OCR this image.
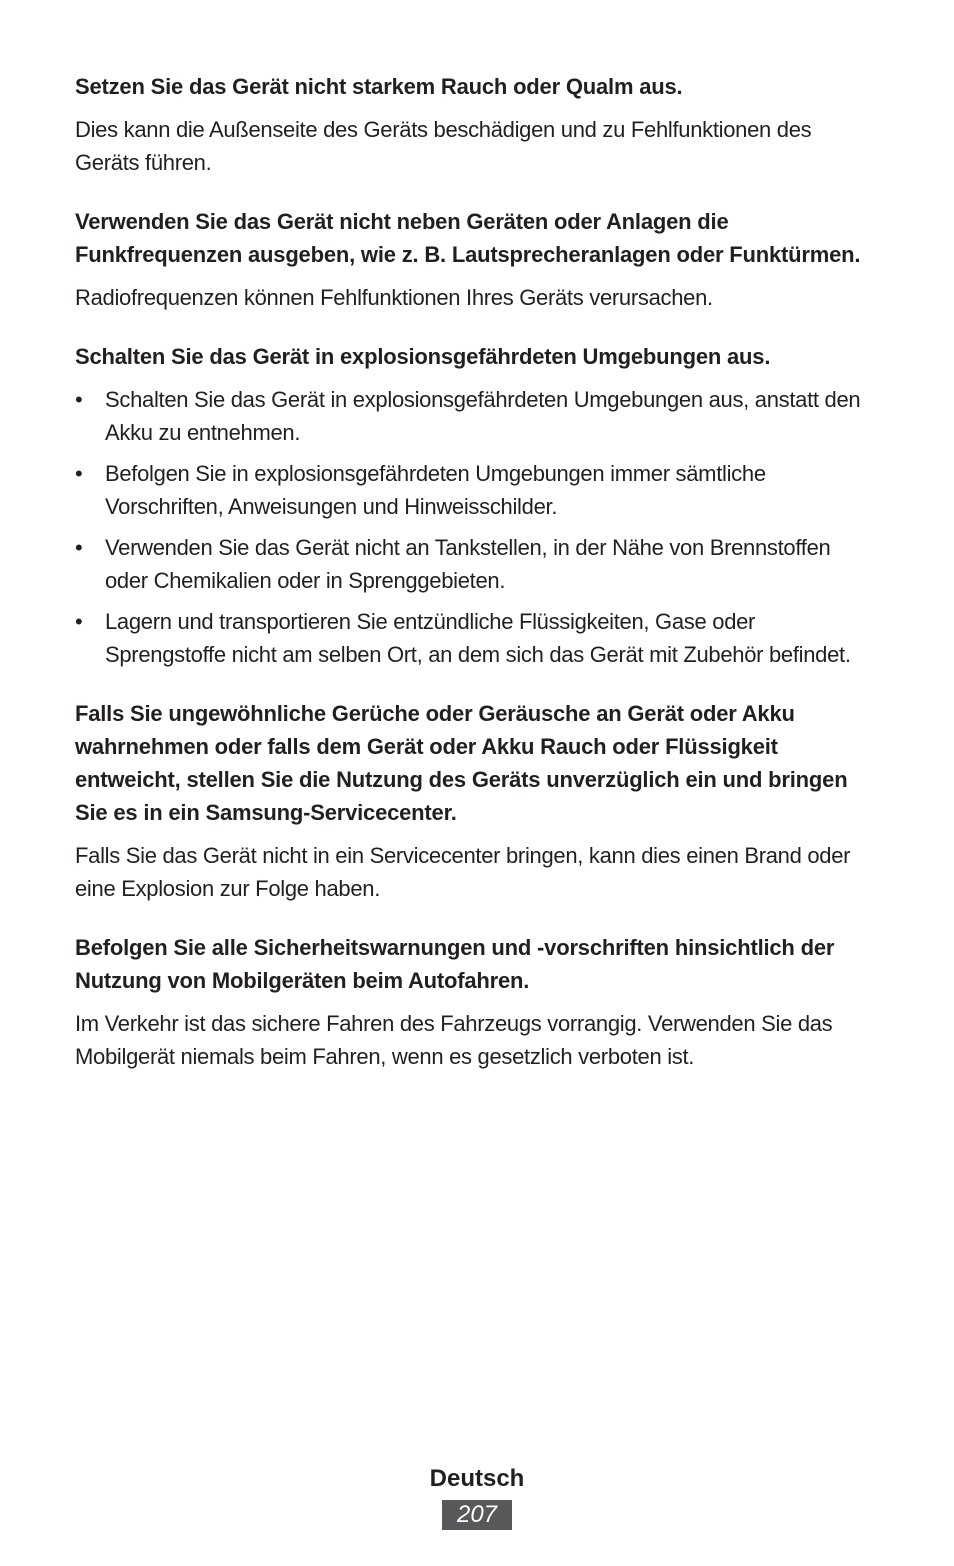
Setzen Sie das Gerät nicht starkem Rauch oder Qualm aus.

Dies kann die Außenseite des Geräts beschädigen und zu Fehlfunktionen des Geräts führen.

Verwenden Sie das Gerät nicht neben Geräten oder Anlagen die Funkfrequenzen ausgeben, wie z. B. Lautsprecheranlagen oder Funktürmen.

Radiofrequenzen können Fehlfunktionen Ihres Geräts verursachen.

Schalten Sie das Gerät in explosionsgefährdeten Umgebungen aus.

•	Schalten Sie das Gerät in explosionsgefährdeten Umgebungen aus, anstatt den Akku zu entnehmen.
•	Befolgen Sie in explosionsgefährdeten Umgebungen immer sämtliche Vorschriften, Anweisungen und Hinweisschilder.
•	Verwenden Sie das Gerät nicht an Tankstellen, in der Nähe von Brennstoffen oder Chemikalien oder in Sprenggebieten.
•	Lagern und transportieren Sie entzündliche Flüssigkeiten, Gase oder Sprengstoffe nicht am selben Ort, an dem sich das Gerät mit Zubehör befindet.

Falls Sie ungewöhnliche Gerüche oder Geräusche an Gerät oder Akku wahrnehmen oder falls dem Gerät oder Akku Rauch oder Flüssigkeit entweicht, stellen Sie die Nutzung des Geräts unverzüglich ein und bringen Sie es in ein Samsung-Servicecenter.

Falls Sie das Gerät nicht in ein Servicecenter bringen, kann dies einen Brand oder eine Explosion zur Folge haben.

Befolgen Sie alle Sicherheitswarnungen und -vorschriften hinsichtlich der Nutzung von Mobilgeräten beim Autofahren.

Im Verkehr ist das sichere Fahren des Fahrzeugs vorrangig. Verwenden Sie das Mobilgerät niemals beim Fahren, wenn es gesetzlich verboten ist.

Deutsch
207
